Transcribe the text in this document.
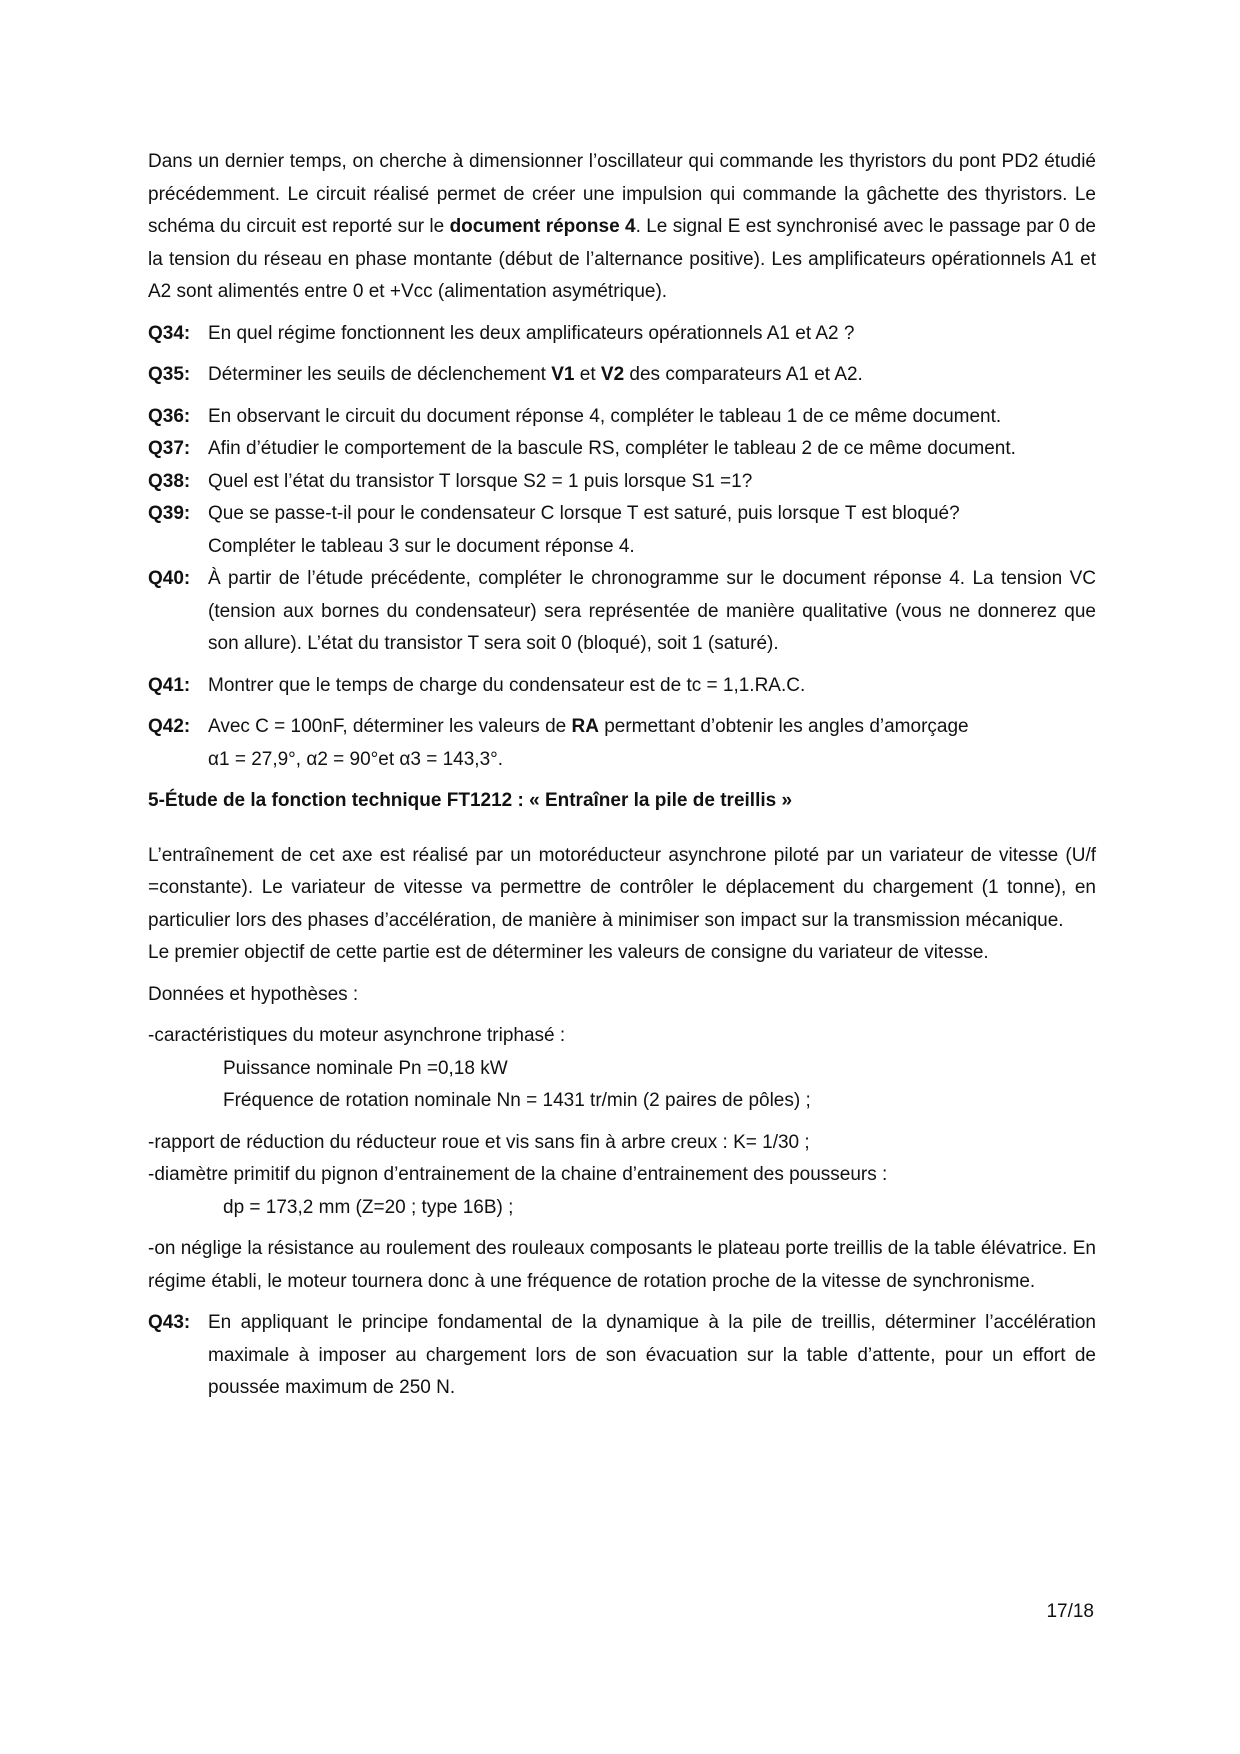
Dans un dernier temps, on cherche à dimensionner l’oscillateur qui commande les thyristors du pont PD2 étudié précédemment. Le circuit réalisé permet de créer une impulsion qui commande la gâchette des thyristors. Le schéma du circuit est reporté sur le document réponse 4. Le signal E est synchronisé avec le passage par 0 de la tension du réseau en phase montante (début de l’alternance positive). Les amplificateurs opérationnels A1 et A2 sont alimentés entre 0 et +Vcc (alimentation asymétrique).

Q34: En quel régime fonctionnent les deux amplificateurs opérationnels A1 et A2 ?
Q35: Déterminer les seuils de déclenchement V1 et V2 des comparateurs A1 et A2.
Q36: En observant le circuit du document réponse 4, compléter le tableau 1 de ce même document.
Q37: Afin d’étudier le comportement de la bascule RS, compléter le tableau 2 de ce même document.
Q38: Quel est l’état du transistor T lorsque S2 = 1 puis lorsque S1 =1?
Q39: Que se passe-t-il pour le condensateur C lorsque T est saturé, puis lorsque T est bloqué?
Compléter le tableau 3 sur le document réponse 4.
Q40: À partir de l’étude précédente, compléter le chronogramme sur le document réponse 4. La tension VC (tension aux bornes du condensateur) sera représentée de manière qualitative (vous ne donnerez que son allure). L’état du transistor T sera soit 0 (bloqué), soit 1 (saturé).
Q41: Montrer que le temps de charge du condensateur est de tc = 1,1.RA.C.
Q42: Avec C = 100nF, déterminer les valeurs de RA permettant d’obtenir les angles d’amorçage
α1 = 27,9°, α2 = 90°et α3 = 143,3°.

5-Étude de la fonction technique FT1212 : « Entraîner la pile de treillis »

L’entraînement de cet axe est réalisé par un motoréducteur asynchrone piloté par un variateur de vitesse (U/f =constante). Le variateur de vitesse va permettre de contrôler le déplacement du chargement (1 tonne), en particulier lors des phases d’accélération, de manière à minimiser son impact sur la transmission mécanique.

Le premier objectif de cette partie est de déterminer les valeurs de consigne du variateur de vitesse.

Données et hypothèses :

-caractéristiques du moteur asynchrone triphasé :

Puissance nominale Pn =0,18 kW

Fréquence de rotation nominale Nn = 1431 tr/min (2 paires de pôles) ;

-rapport de réduction du réducteur roue et vis sans fin à arbre creux : K= 1/30 ;

-diamètre primitif du pignon d’entrainement de la chaine d’entrainement des pousseurs :

dp = 173,2 mm (Z=20 ; type 16B) ;

-on néglige la résistance au roulement des rouleaux composants le plateau porte treillis de la table élévatrice. En régime établi, le moteur tournera donc à une fréquence de rotation proche de la vitesse de synchronisme.

Q43: En appliquant le principe fondamental de la dynamique à la pile de treillis, déterminer l’accélération maximale à imposer au chargement lors de son évacuation sur la table d’attente, pour un effort de poussée maximum de 250 N.
17/18
